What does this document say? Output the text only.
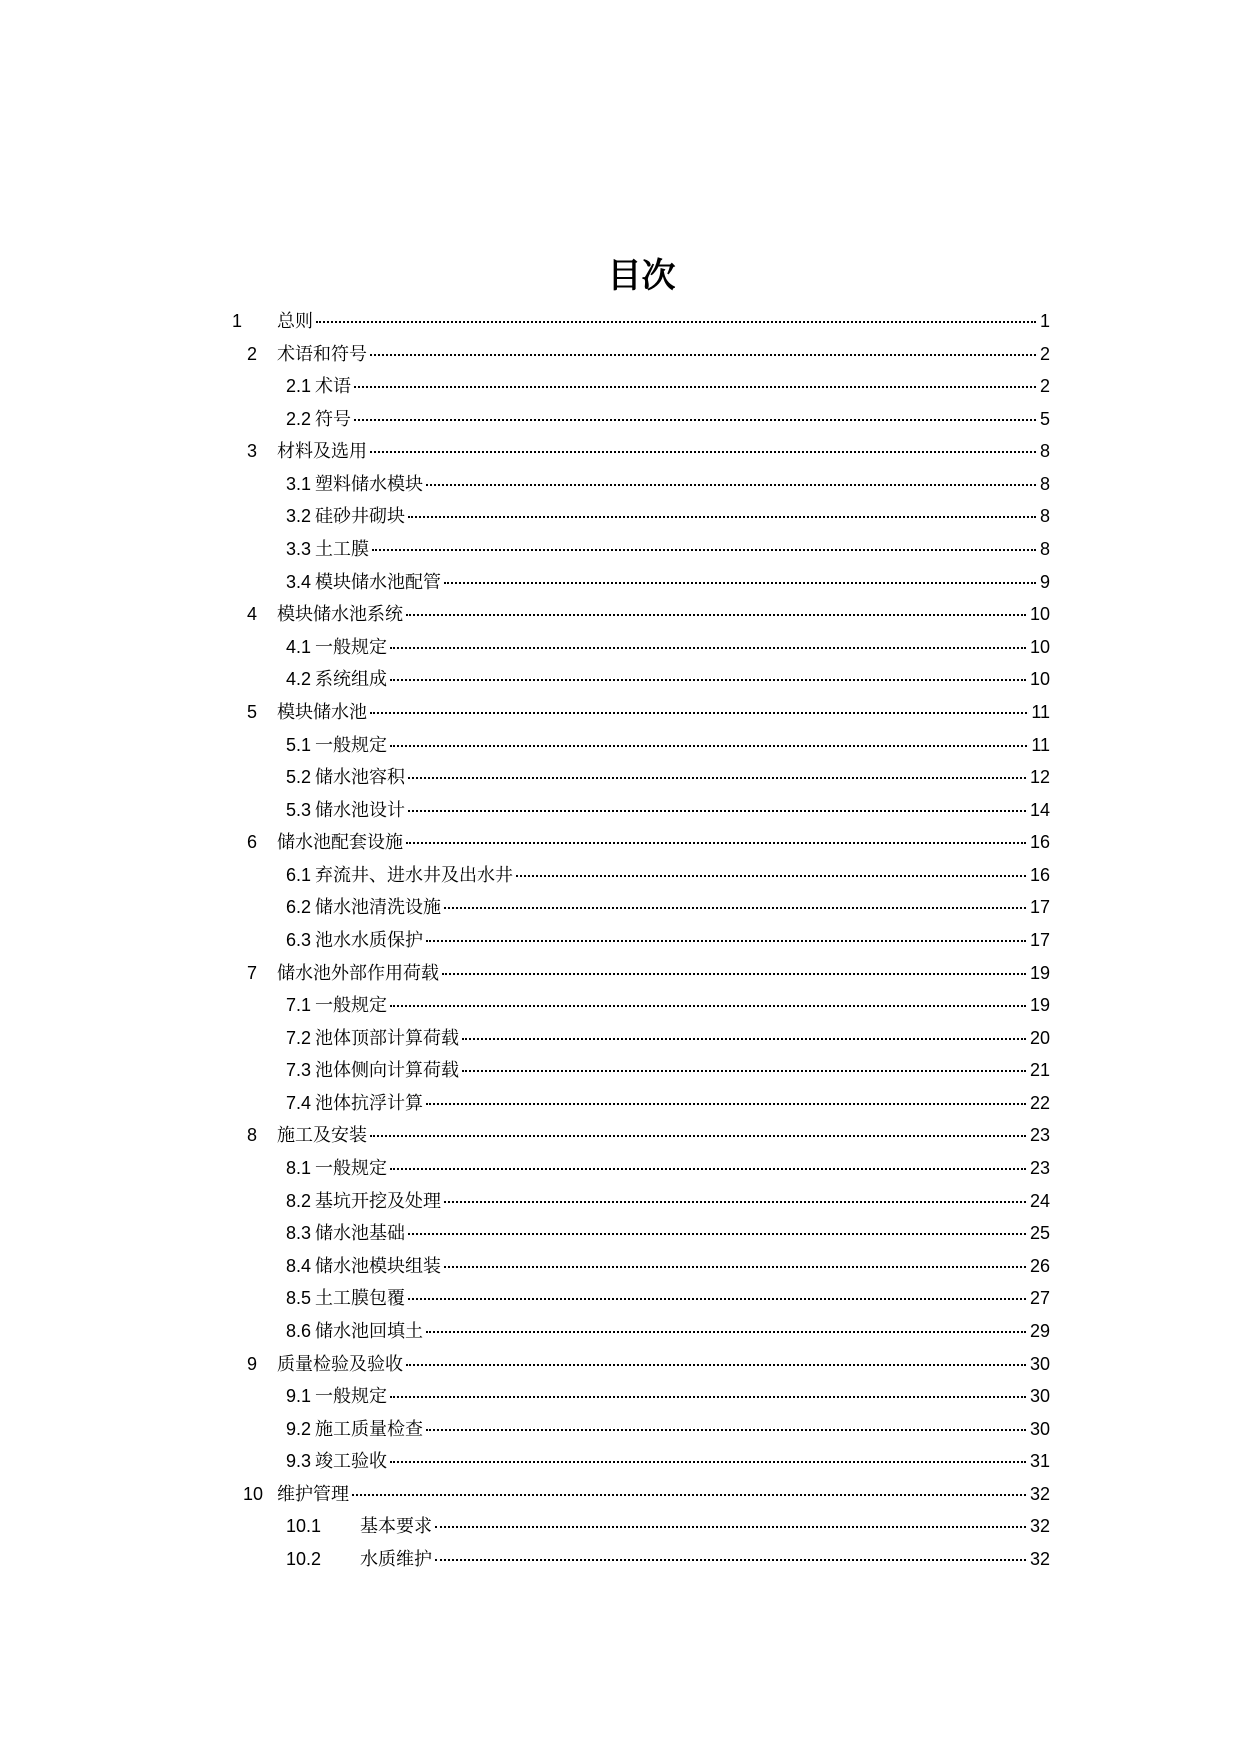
目次
1 总则	1
2 术语和符号	2
2.1 术语	2
2.2 符号	5
3 材料及选用	8
3.1 塑料储水模块	8
3.2 硅砂井砌块	8
3.3 土工膜	8
3.4 模块储水池配管	9
4 模块储水池系统	10
4.1 一般规定	10
4.2 系统组成	10
5 模块储水池	11
5.1 一般规定	11
5.2 储水池容积	12
5.3 储水池设计	14
6 储水池配套设施	16
6.1 弃流井、进水井及出水井	16
6.2 储水池清洗设施	17
6.3 池水水质保护	17
7 储水池外部作用荷载	19
7.1 一般规定	19
7.2 池体顶部计算荷载	20
7.3 池体侧向计算荷载	21
7.4 池体抗浮计算	22
8 施工及安装	23
8.1 一般规定	23
8.2 基坑开挖及处理	24
8.3 储水池基础	25
8.4 储水池模块组装	26
8.5 土工膜包覆	27
8.6 储水池回填土	29
9 质量检验及验收	30
9.1 一般规定	30
9.2 施工质量检查	30
9.3 竣工验收	31
10 维护管理	32
10.1 基本要求	32
10.2 水质维护	32
